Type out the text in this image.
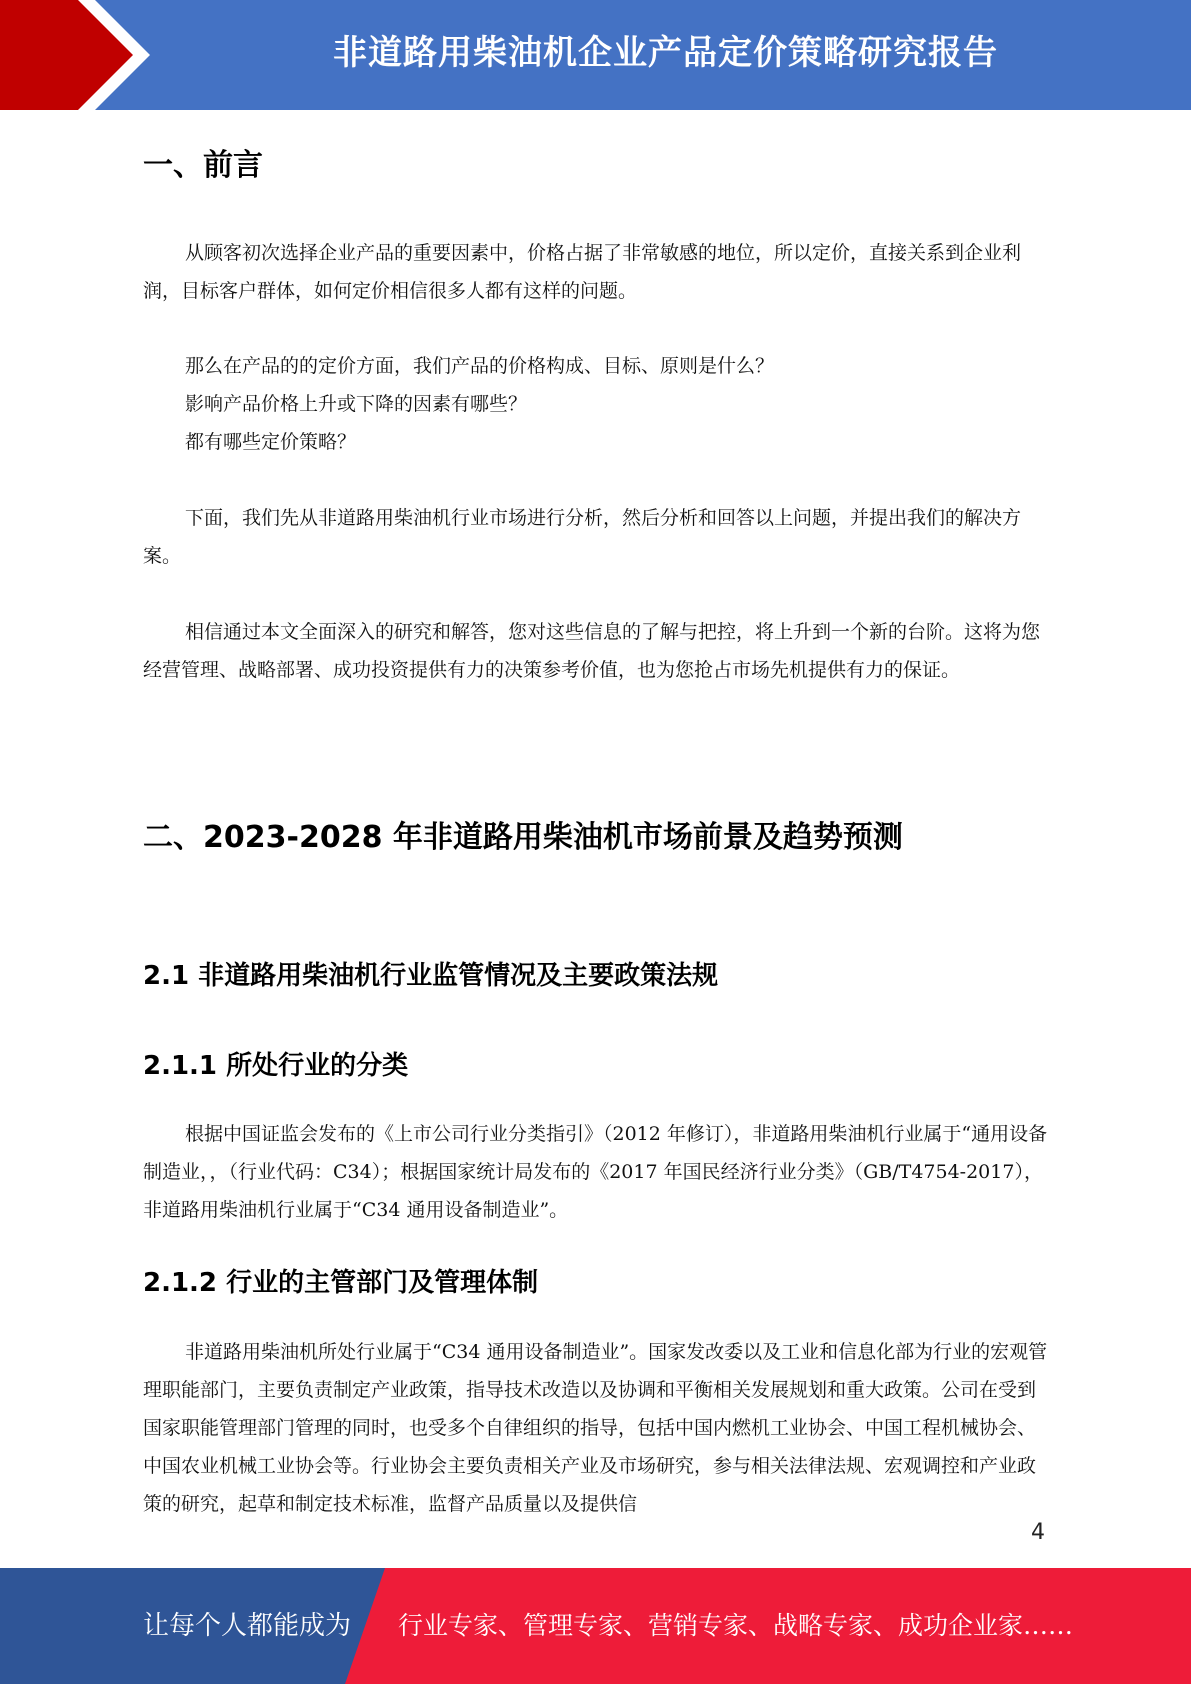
非道路用柴油机企业产品定价策略研究报告
一、前言

从顾客初次选择企业产品的重要因素中，价格占据了非常敏感的地位，所以定价，直接关系到企业利润，目标客户群体，如何定价相信很多人都有这样的问题。

那么在产品的的定价方面，我们产品的价格构成、目标、原则是什么？
影响产品价格上升或下降的因素有哪些？
都有哪些定价策略？

下面，我们先从非道路用柴油机行业市场进行分析，然后分析和回答以上问题，并提出我们的解决方案。

相信通过本文全面深入的研究和解答，您对这些信息的了解与把控，将上升到一个新的台阶。这将为您经营管理、战略部署、成功投资提供有力的决策参考价值，也为您抢占市场先机提供有力的保证。

二、2023-2028 年非道路用柴油机市场前景及趋势预测
2.1 非道路用柴油机行业监管情况及主要政策法规
2.1.1 所处行业的分类

根据中国证监会发布的《上市公司行业分类指引》（2012 年修订），非道路用柴油机行业属于“通用设备制造业，，（行业代码：C34）；根据国家统计局发布的《2017 年国民经济行业分类》（GB/T4754-2017）， 非道路用柴油机行业属于“C34 通用设备制造业”。

2.1.2 行业的主管部门及管理体制

非道路用柴油机所处行业属于“C34 通用设备制造业”。国家发改委以及工业和信息化部为行业的宏观管理职能部门，主要负责制定产业政策，指导技术改造以及协调和平衡相关发展规划和重大政策。公司在受到国家职能管理部门管理的同时，也受多个自律组织的指导，包括中国内燃机工业协会、中国工程机械协会、中国农业机械工业协会等。行业协会主要负责相关产业及市场研究，参与相关法律法规、宏观调控和产业政策的研究，起草和制定技术标准，监督产品质量以及提供信

4
让每个人都能成为 行业专家、管理专家、营销专家、战略专家、成功企业家……
